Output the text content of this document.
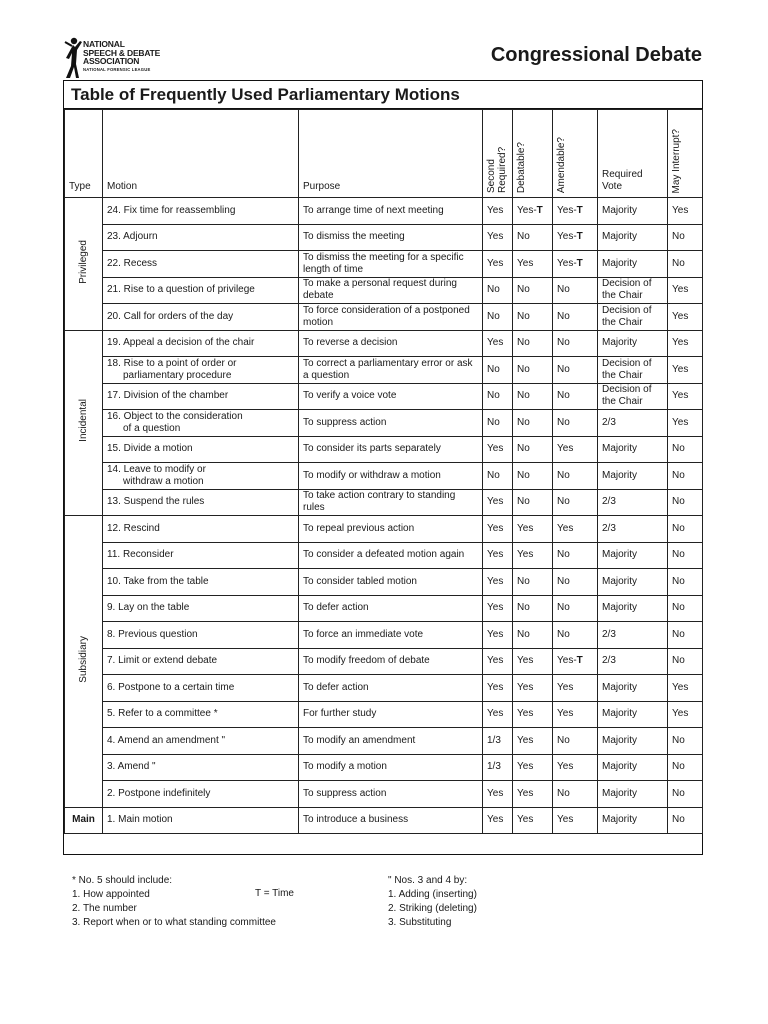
NATIONAL
SPEECH & DEBATE
ASSOCIATION
NATIONAL FORENSIC LEAGUE
Congressional Debate
Table of Frequently Used Parliamentary Motions
Type	Motion	Purpose	Second Required?	Debatable?	Amendable?	Required
Vote	May Interrupt?

Privileged	24. Fix time for reassembling	To arrange time of next meeting	Yes	Yes-T	Yes-T	Majority	Yes
	23. Adjourn	To dismiss the meeting	Yes	No	Yes-T	Majority	No
	22. Recess	To dismiss the meeting for a specific length of time	Yes	Yes	Yes-T	Majority	No
	21. Rise to a question of privilege	To make a personal request during debate	No	No	No	Decision of the Chair	Yes
	20. Call for orders of the day	To force consideration of a postponed motion	No	No	No	Decision of the Chair	Yes
Incidental	19. Appeal a decision of the chair	To reverse a decision	Yes	No	No	Majority	Yes
	18. Rise to a point of order or
parliamentary procedure	To correct a parliamentary error or ask a question	No	No	No	Decision of the Chair	Yes
	17. Division of the chamber	To verify a voice vote	No	No	No	Decision of the Chair	Yes
	16. Object to the consideration
of a question	To suppress action	No	No	No	2/3	Yes
	15. Divide a motion	To consider its parts separately	Yes	No	Yes	Majority	No
	14. Leave to modify or
withdraw a motion	To modify or withdraw a motion	No	No	No	Majority	No
	13. Suspend the rules	To take action contrary to standing rules	Yes	No	No	2/3	No
Subsidiary	12. Rescind	To repeal previous action	Yes	Yes	Yes	2/3	No
	11. Reconsider	To consider a defeated motion again	Yes	Yes	No	Majority	No
	10. Take from the table	To consider tabled motion	Yes	No	No	Majority	No
	9. Lay on the table	To defer action	Yes	No	No	Majority	No
	8. Previous question	To force an immediate vote	Yes	No	No	2/3	No
	7. Limit or extend debate	To modify freedom of debate	Yes	Yes	Yes-T	2/3	No
	6. Postpone to a certain time	To defer action	Yes	Yes	Yes	Majority	Yes
	5. Refer to a committee *	For further study	Yes	Yes	Yes	Majority	Yes
	4. Amend an amendment "	To modify an amendment	1/3	Yes	No	Majority	No
	3. Amend "	To modify a motion	1/3	Yes	Yes	Majority	No
	2. Postpone indefinitely	To suppress action	Yes	Yes	No	Majority	No
Main	1. Main motion	To introduce a business	Yes	Yes	Yes	Majority	No
* No. 5 should include:
1. How appointed
2. The number
3. Report when or to what standing committee
T = Time
" Nos. 3 and 4 by:
1. Adding (inserting)
2. Striking (deleting)
3. Substituting
